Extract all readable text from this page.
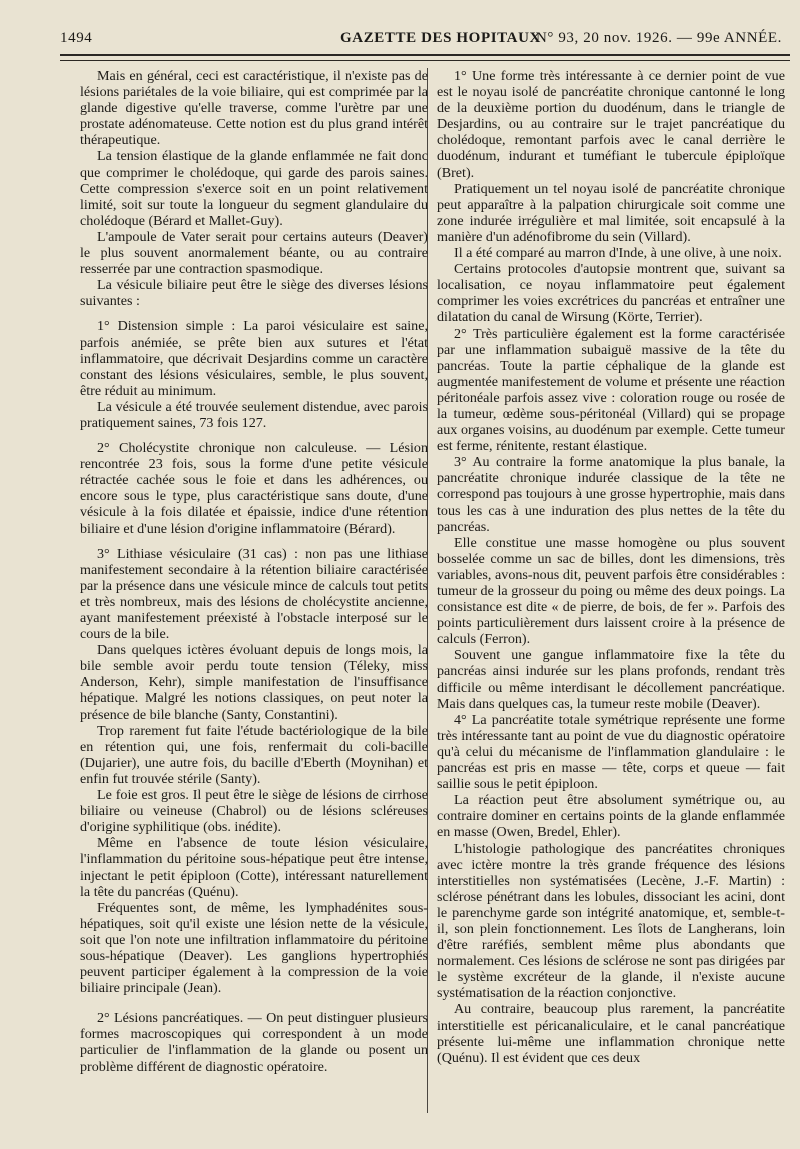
1494	GAZETTE DES HOPITAUX
N° 93, 20 nov. 1926. — 99e ANNÉE.

Mais en général, ceci est caractéristique, il n'existe pas de lésions pariétales de la voie biliaire, qui est comprimée par la glande digestive qu'elle traverse, comme l'urètre par une prostate adénomateuse. Cette notion est du plus grand intérêt thérapeutique.

La tension élastique de la glande enflammée ne fait donc que comprimer le cholédoque, qui garde des parois saines. Cette compression s'exerce soit en un point relativement limité, soit sur toute la longueur du segment glandulaire du cholédoque (Bérard et Mallet-Guy).

L'ampoule de Vater serait pour certains auteurs (Deaver) le plus souvent anormalement béante, ou au contraire resserrée par une contraction spasmodique.

La vésicule biliaire peut être le siège des diverses lésions suivantes :

1° Distension simple : La paroi vésiculaire est saine, parfois anémiée, se prête bien aux sutures et l'état inflammatoire, que décrivait Desjardins comme un caractère constant des lésions vésiculaires, semble, le plus souvent, être réduit au minimum.

La vésicule a été trouvée seulement distendue, avec parois pratiquement saines, 73 fois 127.

2° Cholécystite chronique non calculeuse. — Lésion rencontrée 23 fois, sous la forme d'une petite vésicule rétractée cachée sous le foie et dans les adhérences, ou encore sous le type, plus caractéristique sans doute, d'une vésicule à la fois dilatée et épaissie, indice d'une rétention biliaire et d'une lésion d'origine inflammatoire (Bérard).

3° Lithiase vésiculaire (31 cas) : non pas une lithiase manifestement secondaire à la rétention biliaire caractérisée par la présence dans une vésicule mince de calculs tout petits et très nombreux, mais des lésions de cholécystite ancienne, ayant manifestement préexisté à l'obstacle interposé sur le cours de la bile.

Dans quelques ictères évoluant depuis de longs mois, la bile semble avoir perdu toute tension (Téleky, miss Anderson, Kehr), simple manifestation de l'insuffisance hépatique. Malgré les notions classiques, on peut noter la présence de bile blanche (Santy, Constantini).

Trop rarement fut faite l'étude bactériologique de la bile en rétention qui, une fois, renfermait du coli-bacille (Dujarier), une autre fois, du bacille d'Eberth (Moynihan) et enfin fut trouvée stérile (Santy).

Le foie est gros. Il peut être le siège de lésions de cirrhose biliaire ou veineuse (Chabrol) ou de lésions scléreuses d'origine syphilitique (obs. inédite).

Même en l'absence de toute lésion vésiculaire, l'inflammation du péritoine sous-hépatique peut être intense, injectant le petit épiploon (Cotte), intéressant naturellement la tête du pancréas (Quénu).

Fréquentes sont, de même, les lymphadénites sous-hépatiques, soit qu'il existe une lésion nette de la vésicule, soit que l'on note une infiltration inflammatoire du péritoine sous-hépatique (Deaver). Les ganglions hypertrophiés peuvent participer également à la compression de la voie biliaire principale (Jean).

2° Lésions pancréatiques. — On peut distinguer plusieurs formes macroscopiques qui correspondent à un mode particulier de l'inflammation de la glande ou posent un problème différent de diagnostic opératoire.

1° Une forme très intéressante à ce dernier point de vue est le noyau isolé de pancréatite chronique cantonné le long de la deuxième portion du duodénum, dans le triangle de Desjardins, ou au contraire sur le trajet pancréatique du cholédoque, remontant parfois avec le canal derrière le duodénum, indurant et tuméfiant le tubercule épiploïque (Bret).

Pratiquement un tel noyau isolé de pancréatite chronique peut apparaître à la palpation chirurgicale soit comme une zone indurée irrégulière et mal limitée, soit encapsulé à la manière d'un adénofibrome du sein (Villard).

Il a été comparé au marron d'Inde, à une olive, à une noix.

Certains protocoles d'autopsie montrent que, suivant sa localisation, ce noyau inflammatoire peut également comprimer les voies excrétrices du pancréas et entraîner une dilatation du canal de Wirsung (Körte, Terrier).

2° Très particulière également est la forme caractérisée par une inflammation subaiguë massive de la tête du pancréas. Toute la partie céphalique de la glande est augmentée manifestement de volume et présente une réaction péritonéale parfois assez vive : coloration rouge ou rosée de la tumeur, œdème sous-péritonéal (Villard) qui se propage aux organes voisins, au duodénum par exemple. Cette tumeur est ferme, rénitente, restant élastique.

3° Au contraire la forme anatomique la plus banale, la pancréatite chronique indurée classique de la tête ne correspond pas toujours à une grosse hypertrophie, mais dans tous les cas à une induration des plus nettes de la tête du pancréas.

Elle constitue une masse homogène ou plus souvent bosselée comme un sac de billes, dont les dimensions, très variables, avons-nous dit, peuvent parfois être considérables : tumeur de la grosseur du poing ou même des deux poings. La consistance est dite « de pierre, de bois, de fer ». Parfois des points particulièrement durs laissent croire à la présence de calculs (Ferron).

Souvent une gangue inflammatoire fixe la tête du pancréas ainsi indurée sur les plans profonds, rendant très difficile ou même interdisant le décollement pancréatique. Mais dans quelques cas, la tumeur reste mobile (Deaver).

4° La pancréatite totale symétrique représente une forme très intéressante tant au point de vue du diagnostic opératoire qu'à celui du mécanisme de l'inflammation glandulaire : le pancréas est pris en masse — tête, corps et queue — fait saillie sous le petit épiploon.

La réaction peut être absolument symétrique ou, au contraire dominer en certains points de la glande enflammée en masse (Owen, Bredel, Ehler).

L'histologie pathologique des pancréatites chroniques avec ictère montre la très grande fréquence des lésions interstitielles non systématisées (Lecène, J.-F. Martin) : sclérose pénétrant dans les lobules, dissociant les acini, dont le parenchyme garde son intégrité anatomique, et, semble-t-il, son plein fonctionnement. Les îlots de Langherans, loin d'être raréfiés, semblent même plus abondants que normalement. Ces lésions de sclérose ne sont pas dirigées par le système excréteur de la glande, il n'existe aucune systématisation de la réaction conjonctive.

Au contraire, beaucoup plus rarement, la pancréatite interstitielle est péricanaliculaire, et le canal pancréatique présente lui-même une inflammation chronique nette (Quénu). Il est évident que ces deux
